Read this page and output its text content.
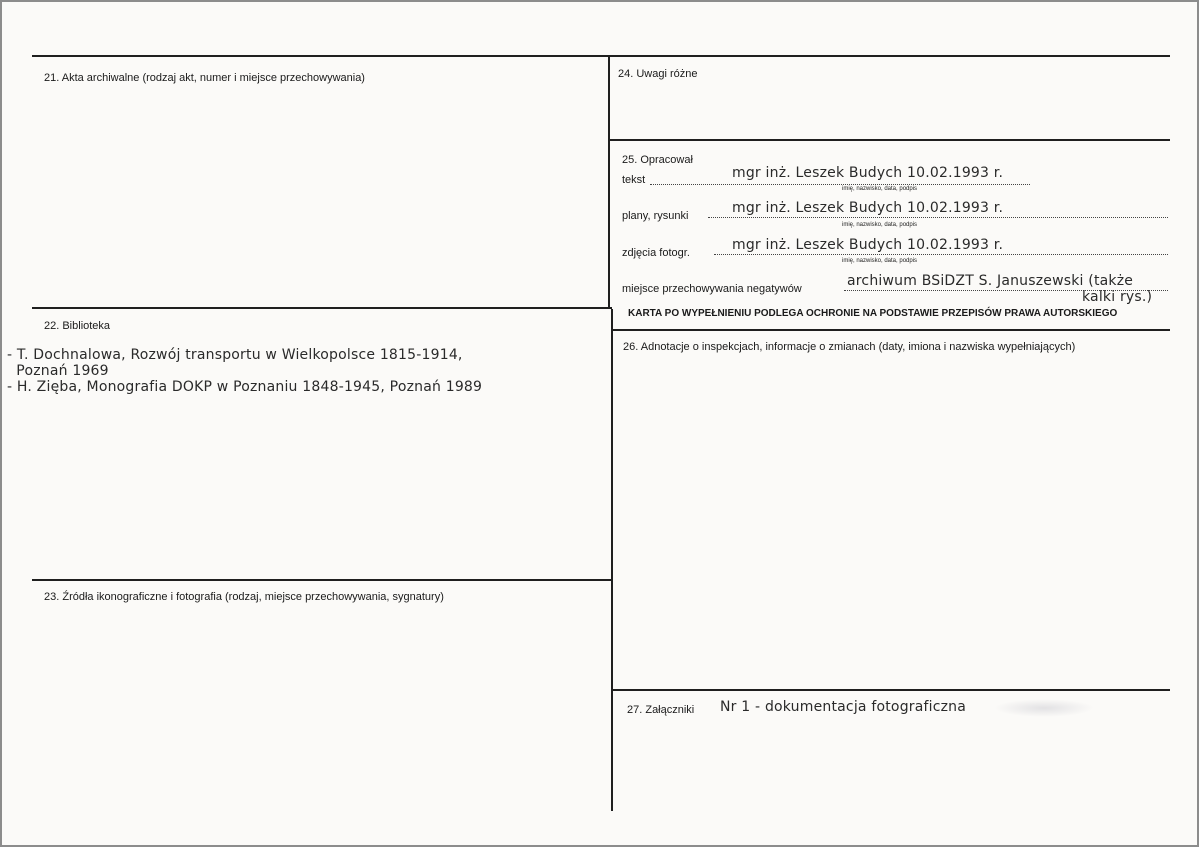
21. Akta archiwalne (rodzaj akt, numer i miejsce przechowywania)
22. Biblioteka
- T. Dochnalowa, Rozwój transportu w Wielkopolsce 1815-1914,
Poznań 1969
- H. Zięba, Monografia DOKP w Poznaniu 1848-1945, Poznań 1989
23. Źródła ikonograficzne i fotografia (rodzaj, miejsce przechowywania, sygnatury)
24. Uwagi różne
25. Opracował
tekst	mgr inż. Leszek Budych 10.02.1993 r.
imię, nazwisko, data, podpis
plany, rysunki	mgr inż. Leszek Budych 10.02.1993 r.
imię, nazwisko, data, podpis
zdjęcia fotogr.	mgr inż. Leszek Budych 10.02.1993 r.
imię, nazwisko, data, podpis
miejsce przechowywania negatywów	archiwum BSiDZT S. Januszewski (także
kalki rys.)
KARTA PO WYPEŁNIENIU PODLEGA OCHRONIE NA PODSTAWIE PRZEPISÓW PRAWA AUTORSKIEGO
26. Adnotacje o inspekcjach, informacje o zmianach (daty, imiona i nazwiska wypełniających)
27. Załączniki Nr 1 - dokumentacja fotograficzna
